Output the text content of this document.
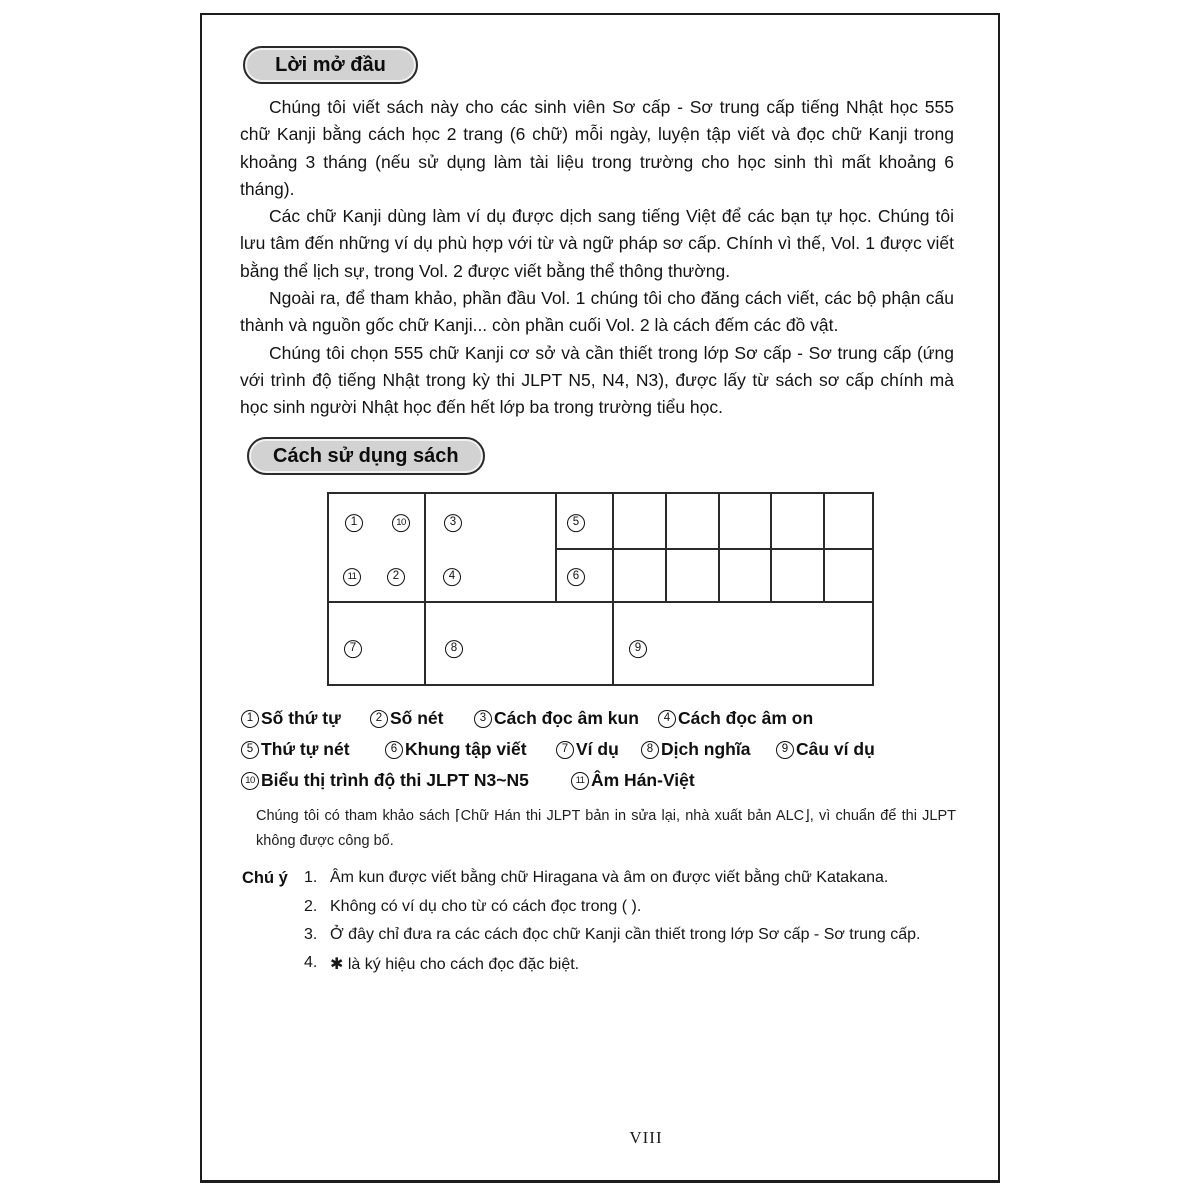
Lời mở đầu

Chúng tôi viết sách này cho các sinh viên Sơ cấp - Sơ trung cấp tiếng Nhật học 555 chữ Kanji bằng cách học 2 trang (6 chữ) mỗi ngày, luyện tập viết và đọc chữ Kanji trong khoảng 3 tháng (nếu sử dụng làm tài liệu trong trường cho học sinh thì mất khoảng 6 tháng).

Các chữ Kanji dùng làm ví dụ được dịch sang tiếng Việt để các bạn tự học. Chúng tôi lưu tâm đến những ví dụ phù hợp với từ và ngữ pháp sơ cấp. Chính vì thế, Vol. 1 được viết bằng thể lịch sự, trong Vol. 2 được viết bằng thể thông thường.

Ngoài ra, để tham khảo, phần đầu Vol. 1 chúng tôi cho đăng cách viết, các bộ phận cấu thành và nguồn gốc chữ Kanji... còn phần cuối Vol. 2 là cách đếm các đồ vật.

Chúng tôi chọn 555 chữ Kanji cơ sở và cần thiết trong lớp Sơ cấp - Sơ trung cấp (ứng với trình độ tiếng Nhật trong kỳ thi JLPT N5, N4, N3), được lấy từ sách sơ cấp chính mà học sinh người Nhật học đến hết lớp ba trong trường tiểu học.

Cách sử dụng sách
1	10	3	5
11	2	4	6
7	8	9
1 Số thứ tự	2 Số nét	3 Cách đọc âm kun	4 Cách đọc âm on
5 Thứ tự nét	6 Khung tập viết	7 Ví dụ	8 Dịch nghĩa	9 Câu ví dụ
10 Biểu thị trình độ thi JLPT N3~N5	11 Âm Hán-Việt

Chúng tôi có tham khảo sách ⌈Chữ Hán thi JLPT bản in sửa lại, nhà xuất bản ALC⌋, vì chuẩn để thi JLPT không được công bố.

Chú ý 1. Âm kun được viết bằng chữ Hiragana và âm on được viết bằng chữ Katakana.
2. Không có ví dụ cho từ có cách đọc trong ( ).
3. Ở đây chỉ đưa ra các cách đọc chữ Kanji cần thiết trong lớp Sơ cấp - Sơ trung cấp.
4. ✱ là ký hiệu cho cách đọc đặc biệt.
VIII
